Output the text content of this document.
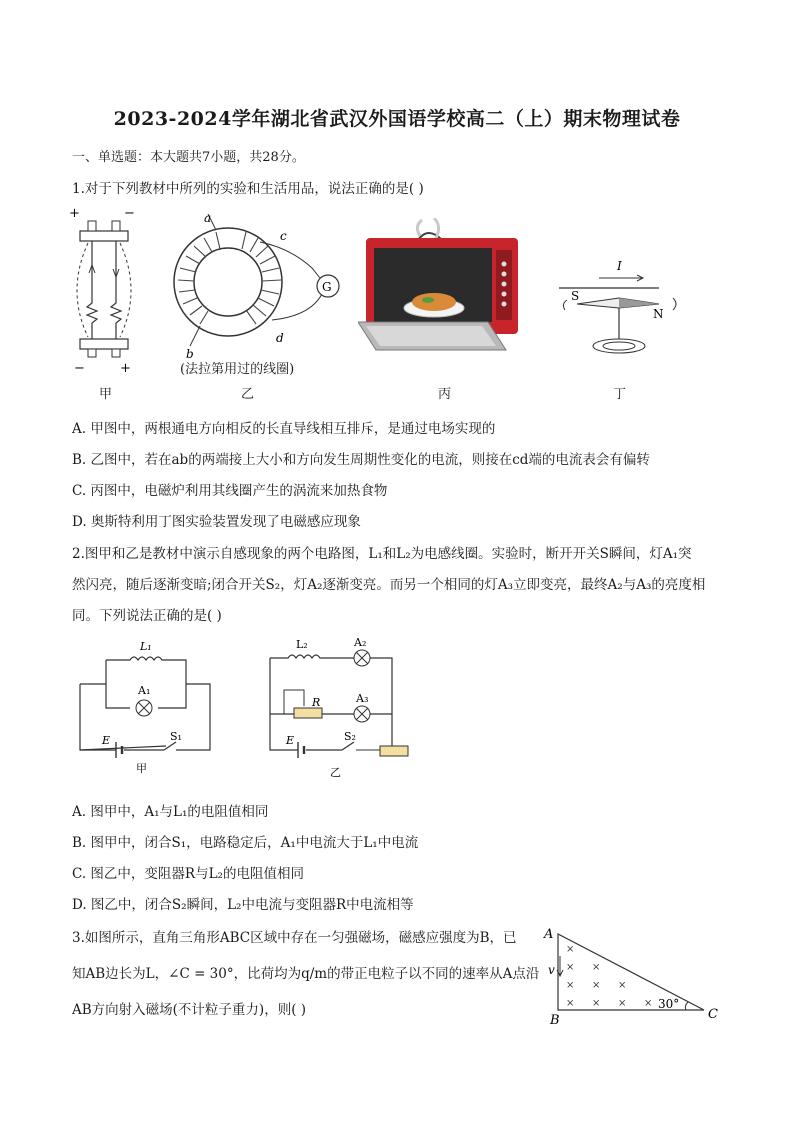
2023-2024学年湖北省武汉外国语学校高二（上）期末物理试卷
一、单选题：本大题共7小题，共28分。
1.对于下列教材中所列的实验和生活用品，说法正确的是( )
+	−
−	+
甲
G
a
c
b
d
(法拉第用过的线圈)
乙	丙
I
S
N
丁
A. 甲图中，两根通电方向相反的长直导线相互排斥，是通过电场实现的
B. 乙图中，若在ab的两端接上大小和方向发生周期性变化的电流，则接在cd端的电流表会有偏转
C. 丙图中，电磁炉利用其线圈产生的涡流来加热食物
D. 奥斯特利用丁图实验装置发现了电磁感应现象
2.图甲和乙是教材中演示自感现象的两个电路图，L₁和L₂为电感线圈。实验时，断开开关S瞬间，灯A₁突
然闪亮，随后逐渐变暗;闭合开关S₂，灯A₂逐渐变亮。而另一个相同的灯A₃立即变亮，最终A₂与A₃的亮度相
同。下列说法正确的是( )
L₁
A₁
E	S₁
甲
L₂	A₂
R	A₃
E	S₂
乙
A. 图甲中，A₁与L₁的电阻值相同
B. 图甲中，闭合S₁，电路稳定后，A₁中电流大于L₁中电流
C. 图乙中，变阻器R与L₂的电阻值相同
D. 图乙中，闭合S₂瞬间，L₂中电流与变阻器R中电流相等
3.如图所示，直角三角形ABC区域中存在一匀强磁场，磁感应强度为B，已
知AB边长为L，∠C = 30°，比荷均为q/m的带正电粒子以不同的速率从A点沿
AB方向射入磁场(不计粒子重力)，则( )
A
B	C
v
×
× ×
× × ×
× × × × 30°
